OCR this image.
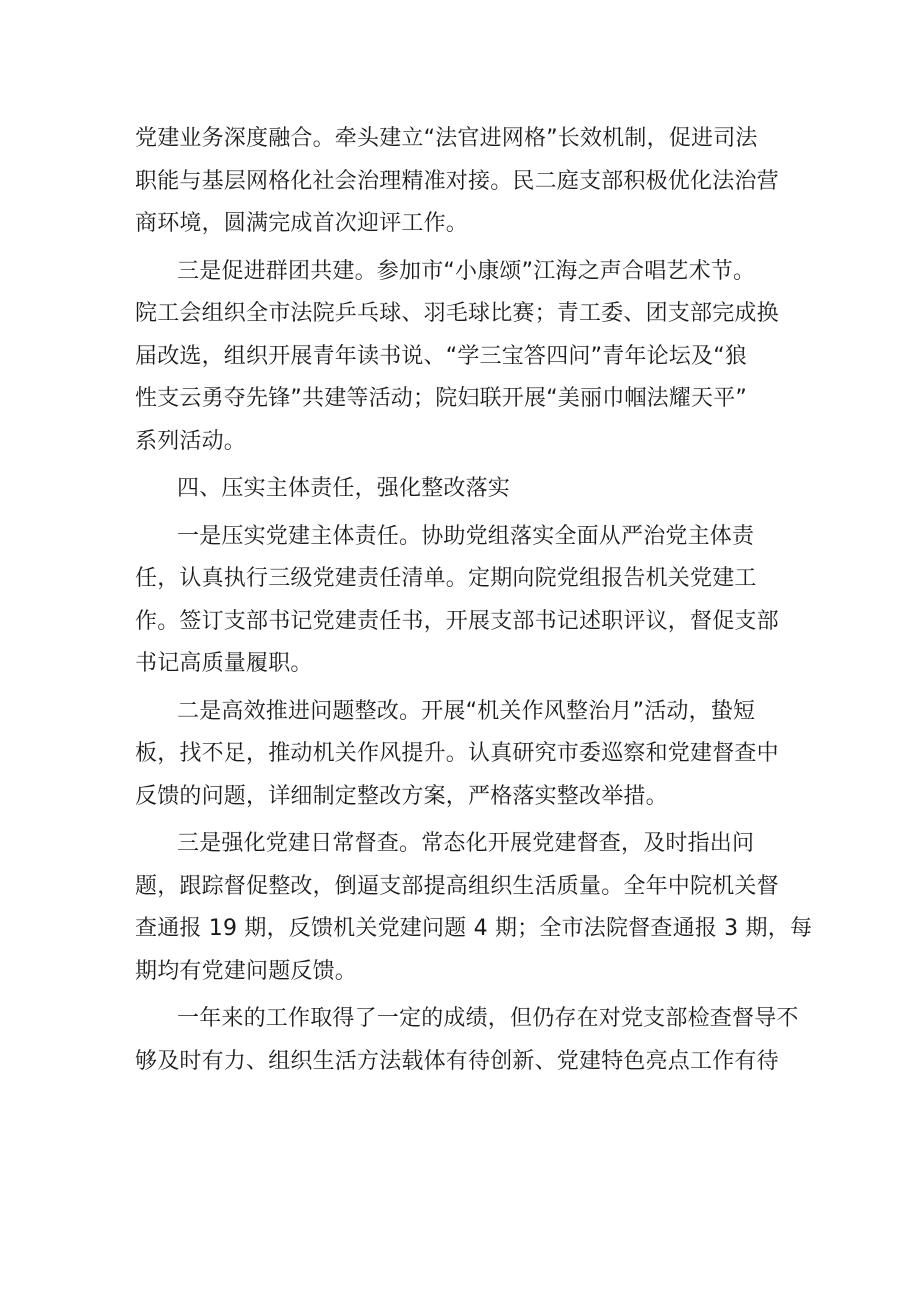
党建业务深度融合。牵头建立“法官进网格”长效机制，促进司法
职能与基层网格化社会治理精准对接。民二庭支部积极优化法治营
商环境，圆满完成首次迎评工作。

三是促进群团共建。参加市“小康颂”江海之声合唱艺术节。
院工会组织全市法院乒乓球、羽毛球比赛；青工委、团支部完成换
届改选，组织开展青年读书说、“学三宝答四问”青年论坛及“狼
性支云勇夺先锋”共建等活动；院妇联开展“美丽巾帼法耀天平”
系列活动。

四、压实主体责任，强化整改落实

一是压实党建主体责任。协助党组落实全面从严治党主体责
任，认真执行三级党建责任清单。定期向院党组报告机关党建工
作。签订支部书记党建责任书，开展支部书记述职评议，督促支部
书记高质量履职。

二是高效推进问题整改。开展“机关作风整治月”活动，蛰短
板，找不足，推动机关作风提升。认真研究市委巡察和党建督查中
反馈的问题，详细制定整改方案，严格落实整改举措。

三是强化党建日常督查。常态化开展党建督查，及时指出问
题，跟踪督促整改，倒逼支部提高组织生活质量。全年中院机关督
查通报 19 期，反馈机关党建问题 4 期；全市法院督查通报 3 期，每
期均有党建问题反馈。

一年来的工作取得了一定的成绩，但仍存在对党支部检查督导不
够及时有力、组织生活方法载体有待创新、党建特色亮点工作有待
